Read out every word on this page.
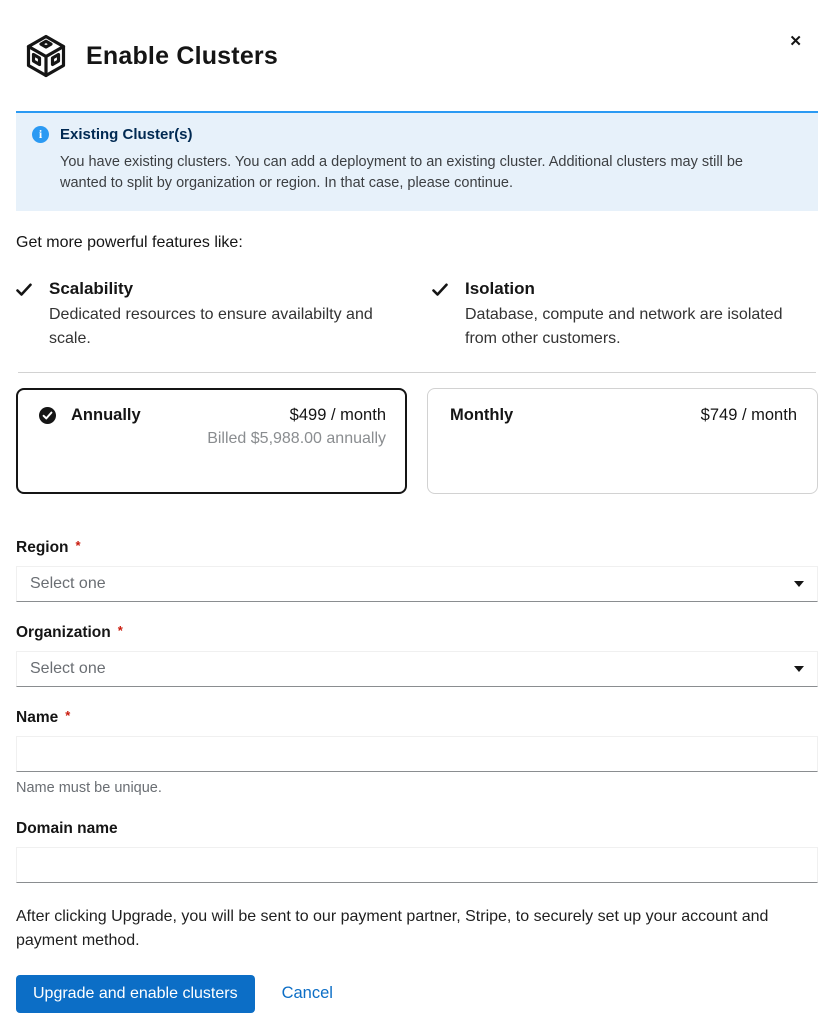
Enable Clusters
✕
i	Existing Cluster(s)
You have existing clusters. You can add a deployment to an existing cluster. Additional clusters may still be wanted to split by organization or region. In that case, please continue.

Get more powerful features like:

Scalability
Dedicated resources to ensure availabilty and scale.
Isolation
Database, compute and network are isolated from other customers.
Annually	$499 / month
Billed $5,988.00 annually
Monthly	$749 / month
Region *
Select one
Organization *
Select one
Name *
Name must be unique.
Domain name

After clicking Upgrade, you will be sent to our payment partner, Stripe, to securely set up your account and payment method.

Upgrade and enable clusters	Cancel
